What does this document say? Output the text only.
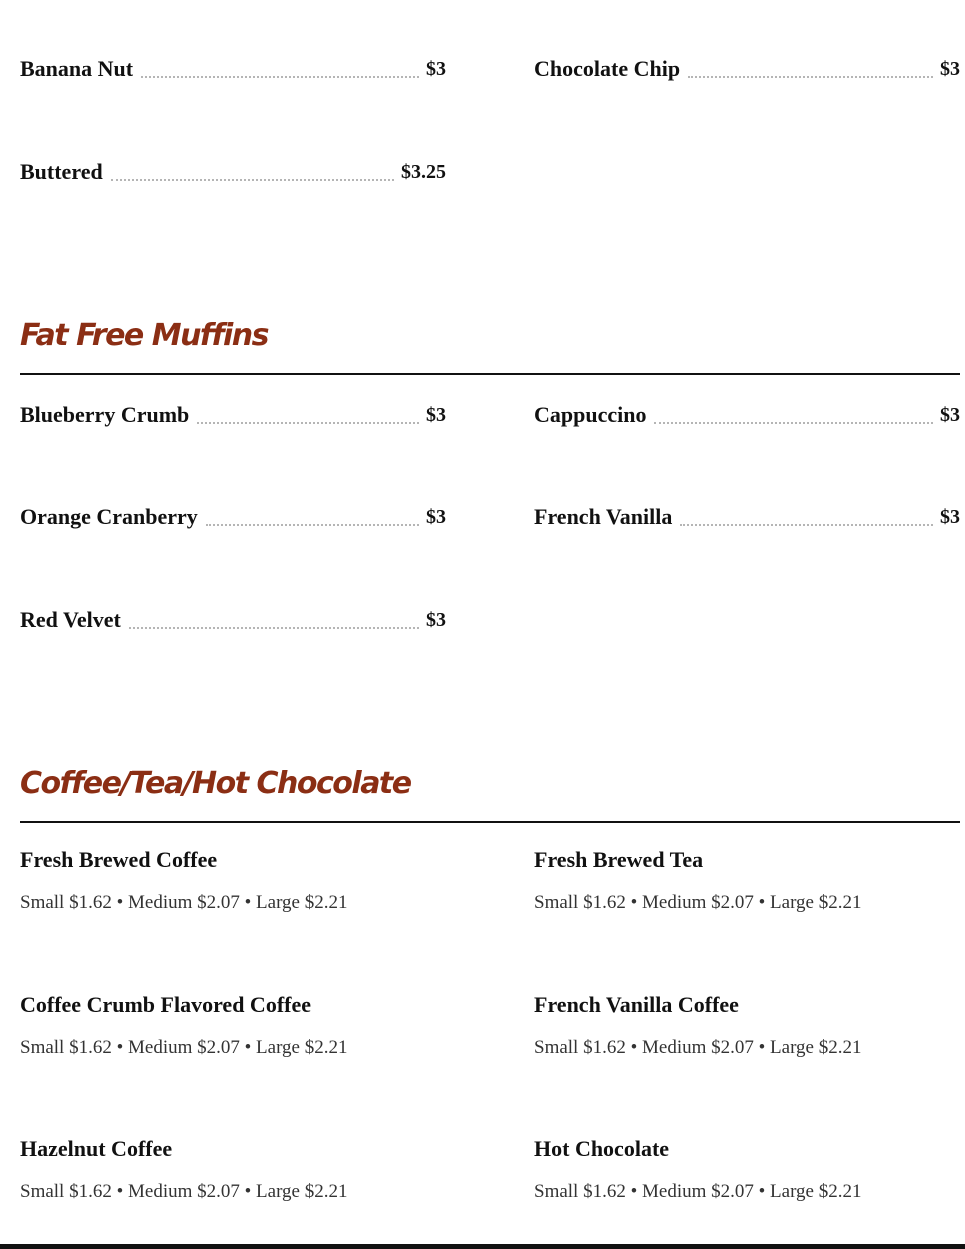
Banana Nut	$3	Chocolate Chip	$3
Buttered	$3.25
Fat Free Muffins
Blueberry Crumb	$3	Cappuccino	$3
Orange Cranberry	$3	French Vanilla	$3
Red Velvet	$3
Coffee/Tea/Hot Chocolate
Fresh Brewed Coffee
Small $1.62 • Medium $2.07 • Large $2.21
Fresh Brewed Tea
Small $1.62 • Medium $2.07 • Large $2.21
Coffee Crumb Flavored Coffee
Small $1.62 • Medium $2.07 • Large $2.21
French Vanilla Coffee
Small $1.62 • Medium $2.07 • Large $2.21
Hazelnut Coffee
Small $1.62 • Medium $2.07 • Large $2.21
Hot Chocolate
Small $1.62 • Medium $2.07 • Large $2.21
